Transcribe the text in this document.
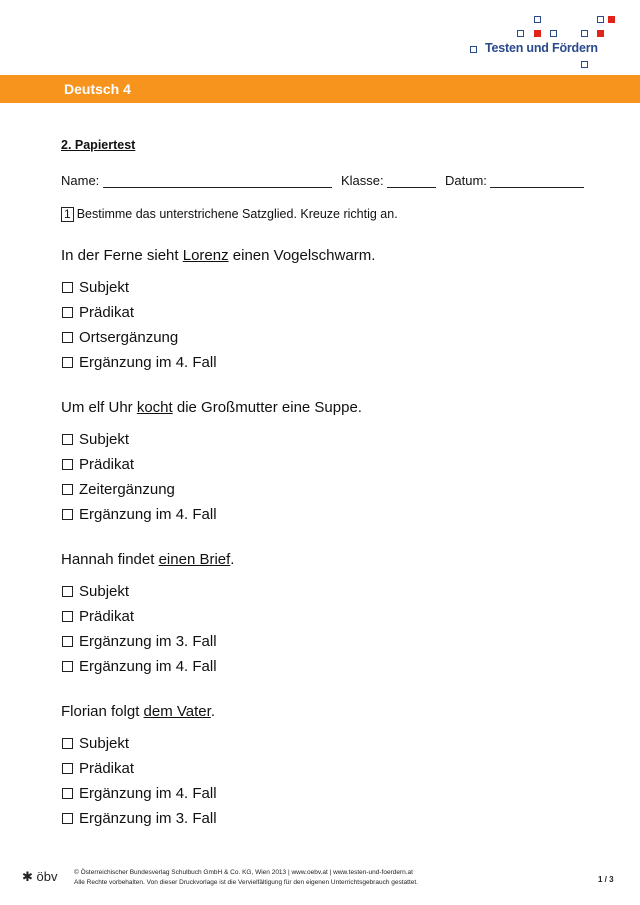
Testen und Fördern
Deutsch 4
2. Papiertest
Name:	Klasse:	Datum:
1 Bestimme das unterstrichene Satzglied. Kreuze richtig an.
In der Ferne sieht Lorenz einen Vogelschwarm.
Subjekt
Prädikat
Ortsergänzung
Ergänzung im 4. Fall
Um elf Uhr kocht die Großmutter eine Suppe.
Subjekt
Prädikat
Zeitergänzung
Ergänzung im 4. Fall
Hannah findet einen Brief.
Subjekt
Prädikat
Ergänzung im 3. Fall
Ergänzung im 4. Fall
Florian folgt dem Vater.
Subjekt
Prädikat
Ergänzung im 4. Fall
Ergänzung im 3. Fall
✱ öbv	© Österreichischer Bundesverlag Schulbuch GmbH & Co. KG, Wien 2013 | www.oebv.at | www.testen-und-foerdern.at
Alle Rechte vorbehalten. Von dieser Druckvorlage ist die Vervielfältigung für den eigenen Unterrichtsgebrauch gestattet.	1 / 3
